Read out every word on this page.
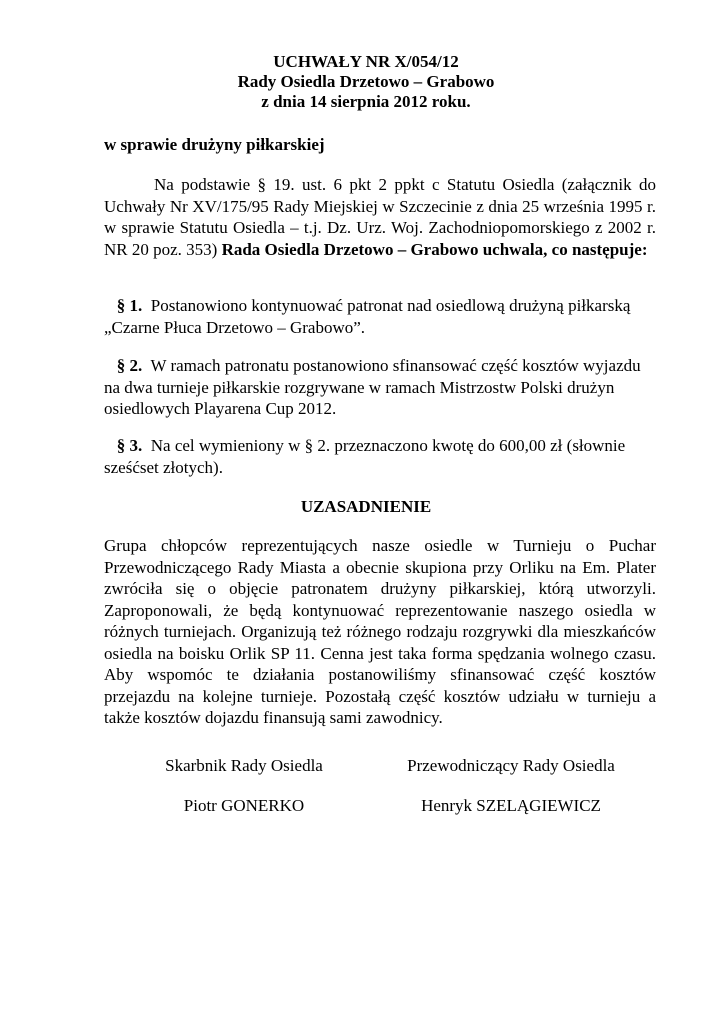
UCHWAŁY NR X/054/12
Rady Osiedla Drzetowo – Grabowo
z dnia 14 sierpnia 2012 roku.
w sprawie drużyny piłkarskiej
Na podstawie § 19. ust. 6 pkt 2 ppkt c Statutu Osiedla (załącznik do Uchwały Nr XV/175/95 Rady Miejskiej w Szczecinie z dnia 25 września 1995 r. w sprawie Statutu Osiedla – t.j. Dz. Urz. Woj. Zachodniopomorskiego z 2002 r. NR 20 poz. 353) Rada Osiedla Drzetowo – Grabowo uchwala, co następuje:
§ 1. Postanowiono kontynuować patronat nad osiedlową drużyną piłkarską „Czarne Płuca Drzetowo – Grabowo”.
§ 2. W ramach patronatu postanowiono sfinansować część kosztów wyjazdu na dwa turnieje piłkarskie rozgrywane w ramach Mistrzostw Polski drużyn osiedlowych Playarena Cup 2012.
§ 3. Na cel wymieniony w § 2. przeznaczono kwotę do 600,00 zł (słownie sześćset złotych).
UZASADNIENIE
Grupa chłopców reprezentujących nasze osiedle w Turnieju o Puchar Przewodniczącego Rady Miasta a obecnie skupiona przy Orliku na Em. Plater zwróciła się o objęcie patronatem drużyny piłkarskiej, którą utworzyli. Zaproponowali, że będą kontynuować reprezentowanie naszego osiedla w różnych turniejach. Organizują też różnego rodzaju rozgrywki dla mieszkańców osiedla na boisku Orlik SP 11. Cenna jest taka forma spędzania wolnego czasu. Aby wspomóc te działania postanowiliśmy sfinansować część kosztów przejazdu na kolejne turnieje. Pozostałą część kosztów udziału w turnieju a także kosztów dojazdu finansują sami zawodnicy.
Skarbnik Rady Osiedla
Piotr GONERKO
Przewodniczący Rady Osiedla
Henryk SZELĄGIEWICZ
